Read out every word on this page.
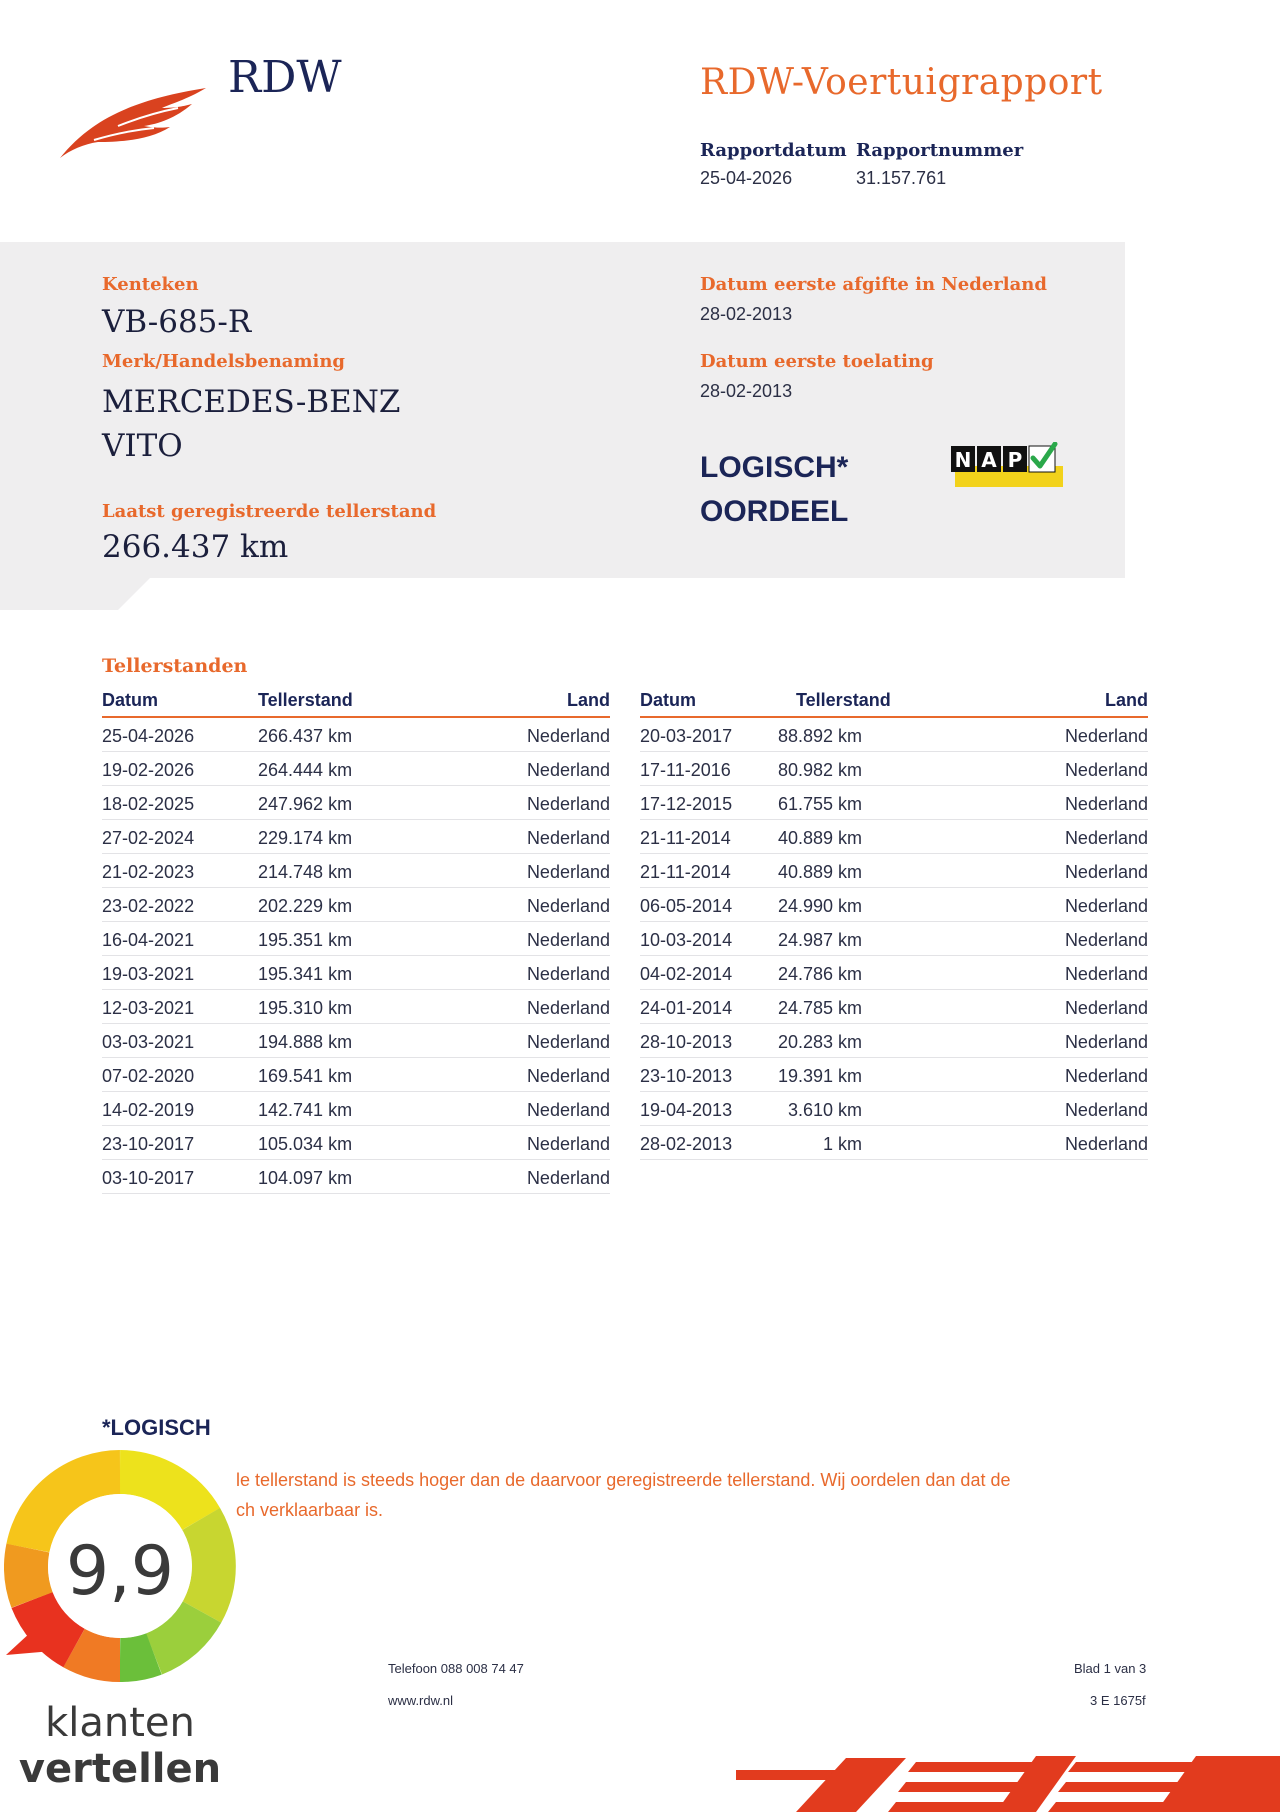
RDW	RDW-Voertuigrapport
Rapportdatum
25-04-2026
Rapportnummer
31.157.761
Kenteken
VB-685-R
Merk/Handelsbenaming
MERCEDES-BENZ
VITO
Laatst geregistreerde tellerstand
266.437 km
Datum eerste afgifte in Nederland
28-02-2013
Datum eerste toelating
28-02-2013
LOGISCH*
OORDEEL
N A P
Tellerstanden
Datum	Tellerstand	Land
25-04-2026	266.437 km	Nederland
19-02-2026	264.444 km	Nederland
18-02-2025	247.962 km	Nederland
27-02-2024	229.174 km	Nederland
21-02-2023	214.748 km	Nederland
23-02-2022	202.229 km	Nederland
16-04-2021	195.351 km	Nederland
19-03-2021	195.341 km	Nederland
12-03-2021	195.310 km	Nederland
03-03-2021	194.888 km	Nederland
07-02-2020	169.541 km	Nederland
14-02-2019	142.741 km	Nederland
23-10-2017	105.034 km	Nederland
03-10-2017	104.097 km	Nederland
Datum	Tellerstand	Land
20-03-2017	88.892 km	Nederland
17-11-2016	80.982 km	Nederland
17-12-2015	61.755 km	Nederland
21-11-2014	40.889 km	Nederland
21-11-2014	40.889 km	Nederland
06-05-2014	24.990 km	Nederland
10-03-2014	24.987 km	Nederland
04-02-2014	24.786 km	Nederland
24-01-2014	24.785 km	Nederland
28-10-2013	20.283 km	Nederland
23-10-2013	19.391 km	Nederland
19-04-2013	3.610 km	Nederland
28-02-2013	1 km	Nederland
*LOGISCH
le tellerstand is steeds hoger dan de daarvoor geregistreerde tellerstand. Wij oordelen dan dat de
ch verklaarbaar is.
9,9
klanten
vertellen
Telefoon 088 008 74 47
www.rdw.nl
Blad 1 van 3
3 E 1675f
